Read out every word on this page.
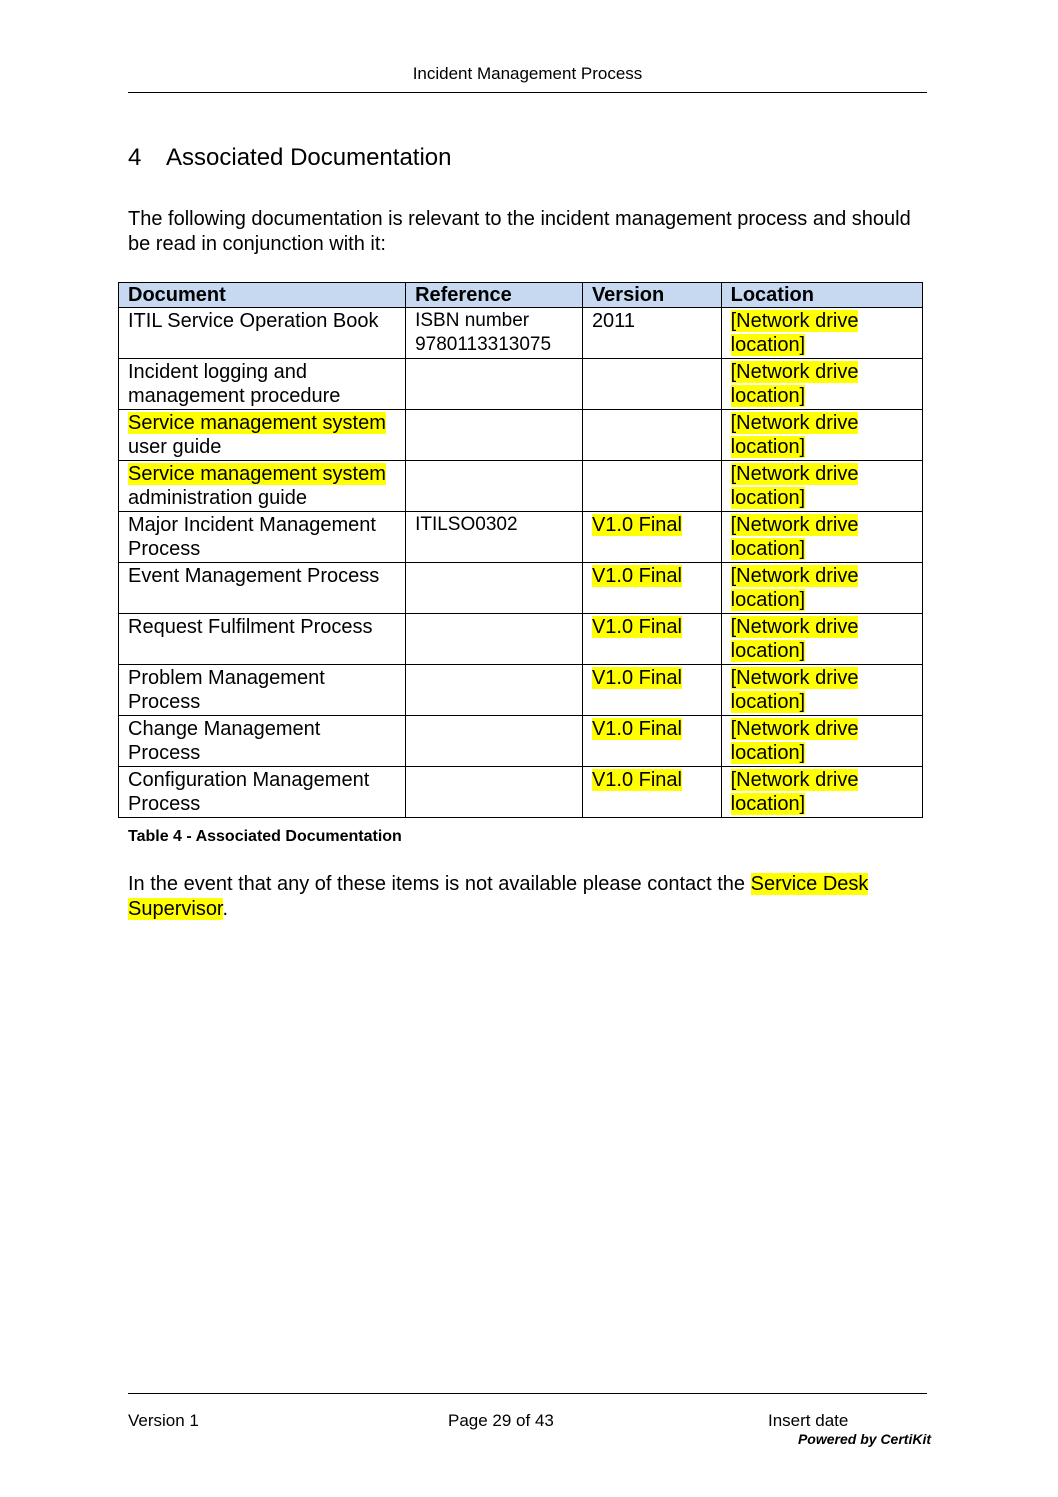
Incident Management Process
4 Associated Documentation

The following documentation is relevant to the incident management process and should be read in conjunction with it:

Document	Reference	Version	Location
ITIL Service Operation Book	ISBN number 9780113313075	2011	[Network drive location]
Incident logging and management procedure			[Network drive location]
Service management system user guide			[Network drive location]
Service management system administration guide			[Network drive location]
Major Incident Management Process	ITILSO0302	V1.0 Final	[Network drive location]
Event Management Process		V1.0 Final	[Network drive location]
Request Fulfilment Process		V1.0 Final	[Network drive location]
Problem Management Process		V1.0 Final	[Network drive location]
Change Management Process		V1.0 Final	[Network drive location]
Configuration Management Process		V1.0 Final	[Network drive location]
Table 4 - Associated Documentation

In the event that any of these items is not available please contact the Service Desk Supervisor.

Version 1	Page 29 of 43	Insert date
Powered by CertiKit
